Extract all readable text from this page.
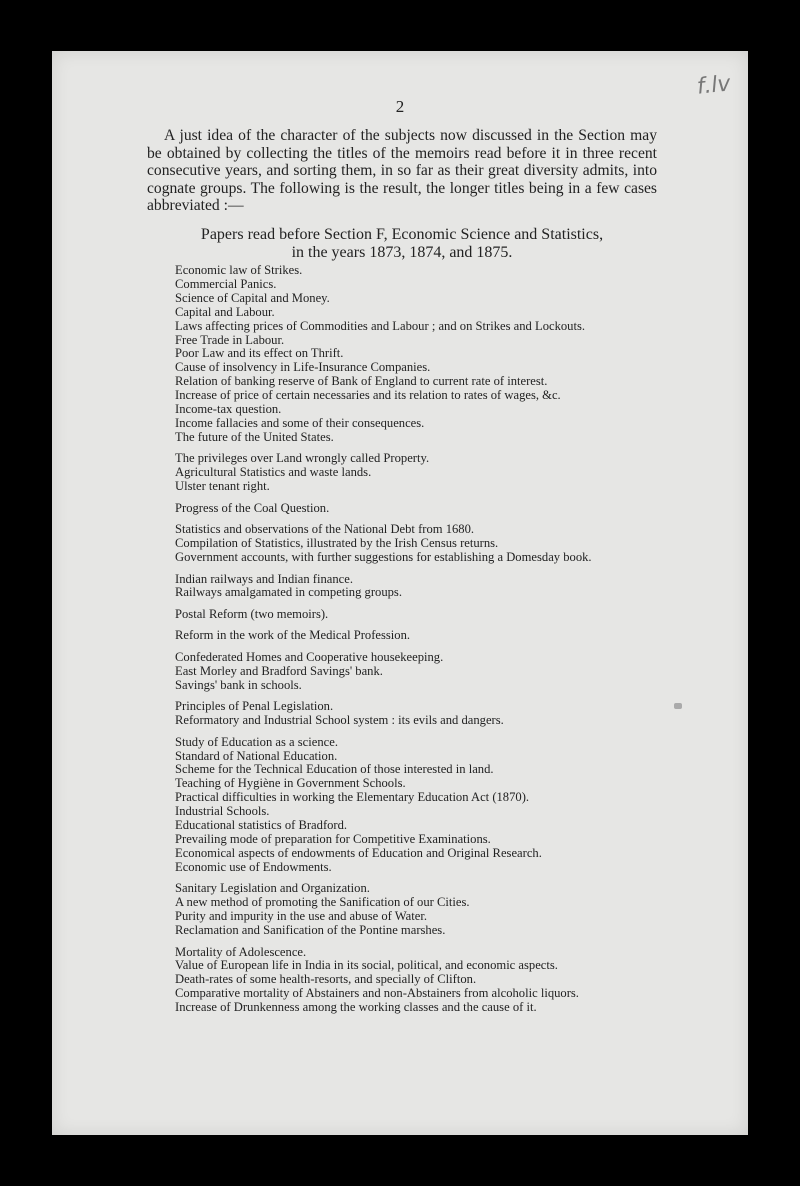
f.lv
2

A just idea of the character of the subjects now discussed in the Section may be obtained by collecting the titles of the memoirs read before it in three recent consecutive years, and sorting them, in so far as their great diversity admits, into cognate groups. The following is the result, the longer titles being in a few cases abbreviated :—

Papers read before Section F, Economic Science and Statistics,
in the years 1873, 1874, and 1875.
Economic law of Strikes.
Commercial Panics.
Science of Capital and Money.
Capital and Labour.
Laws affecting prices of Commodities and Labour ; and on Strikes and Lockouts.
Free Trade in Labour.
Poor Law and its effect on Thrift.
Cause of insolvency in Life-Insurance Companies.
Relation of banking reserve of Bank of England to current rate of interest.
Increase of price of certain necessaries and its relation to rates of wages, &c.
Income-tax question.
Income fallacies and some of their consequences.
The future of the United States.
The privileges over Land wrongly called Property.
Agricultural Statistics and waste lands.
Ulster tenant right.
Progress of the Coal Question.
Statistics and observations of the National Debt from 1680.
Compilation of Statistics, illustrated by the Irish Census returns.
Government accounts, with further suggestions for establishing a Domesday book.
Indian railways and Indian finance.
Railways amalgamated in competing groups.
Postal Reform (two memoirs).
Reform in the work of the Medical Profession.
Confederated Homes and Cooperative housekeeping.
East Morley and Bradford Savings' bank.
Savings' bank in schools.
Principles of Penal Legislation.
Reformatory and Industrial School system : its evils and dangers.
Study of Education as a science.
Standard of National Education.
Scheme for the Technical Education of those interested in land.
Teaching of Hygiène in Government Schools.
Practical difficulties in working the Elementary Education Act (1870).
Industrial Schools.
Educational statistics of Bradford.
Prevailing mode of preparation for Competitive Examinations.
Economical aspects of endowments of Education and Original Research.
Economic use of Endowments.
Sanitary Legislation and Organization.
A new method of promoting the Sanification of our Cities.
Purity and impurity in the use and abuse of Water.
Reclamation and Sanification of the Pontine marshes.
Mortality of Adolescence.
Value of European life in India in its social, political, and economic aspects.
Death-rates of some health-resorts, and specially of Clifton.
Comparative mortality of Abstainers and non-Abstainers from alcoholic liquors.
Increase of Drunkenness among the working classes and the cause of it.
